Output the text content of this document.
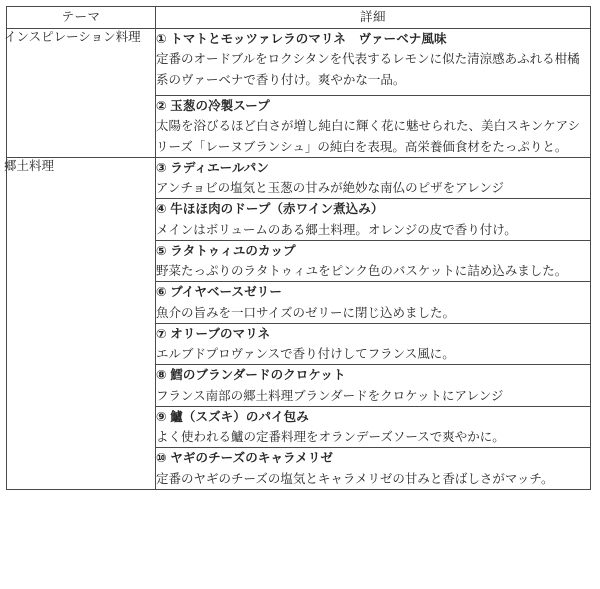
テーマ	詳細

インスピレーション料理	① トマトとモッツァレラのマリネ　ヴァーベナ風味
定番のオードブルをロクシタンを代表するレモンに似た清涼感あふれる柑橘系のヴァーベナで香り付け。爽やかな一品。

	② 玉葱の冷製スープ
太陽を浴びるほど白さが増し純白に輝く花に魅せられた、美白スキンケアシリーズ「レーヌブランシュ」の純白を表現。高栄養価食材をたっぷりと。

郷土料理	③ ラディエールパン
アンチョビの塩気と玉葱の甘みが絶妙な南仏のピザをアレンジ

	④ 牛ほほ肉のドープ（赤ワイン煮込み）
メインはボリュームのある郷土料理。オレンジの皮で香り付け。

	⑤ ラタトゥィユのカップ
野菜たっぷりのラタトゥィユをピンク色のバスケットに詰め込みました。

	⑥ ブイヤベースゼリー
魚介の旨みを一口サイズのゼリーに閉じ込めました。

	⑦ オリーブのマリネ
エルブドプロヴァンスで香り付けしてフランス風に。

	⑧ 鱈のブランダードのクロケット
フランス南部の郷土料理ブランダードをクロケットにアレンジ

	⑨ 鱸（スズキ）のパイ包み
よく使われる鱸の定番料理をオランデーズソースで爽やかに。

	⑩ ヤギのチーズのキャラメリゼ
定番のヤギのチーズの塩気とキャラメリゼの甘みと香ばしさがマッチ。
